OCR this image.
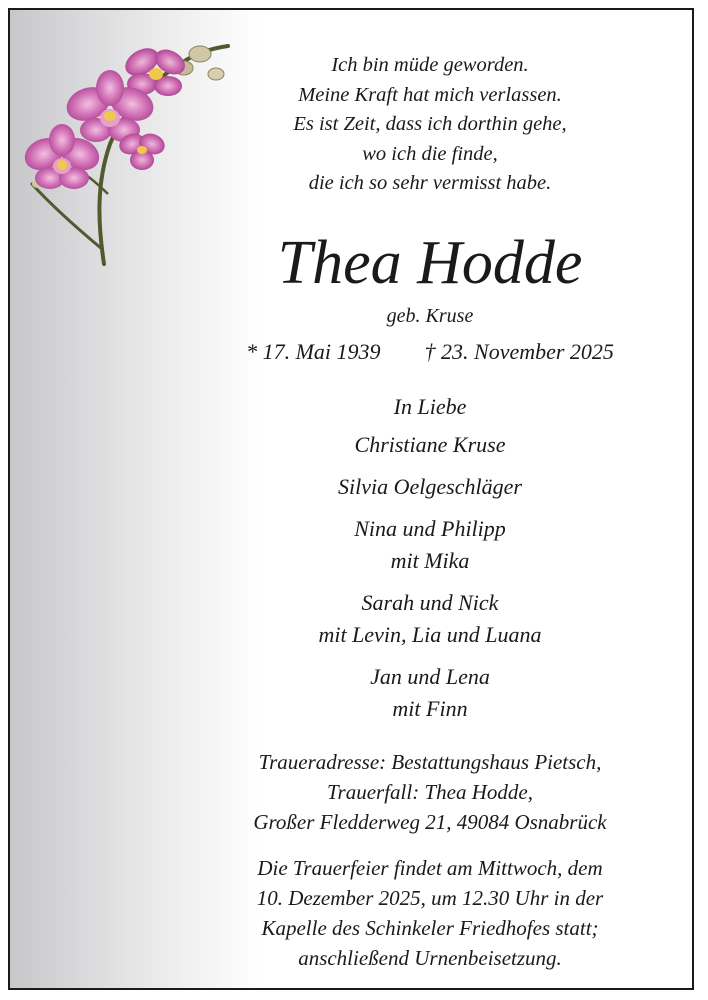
Ich bin müde geworden.
Meine Kraft hat mich verlassen.
Es ist Zeit, dass ich dorthin gehe,
wo ich die finde,
die ich so sehr vermisst habe.
Thea Hodde
geb. Kruse
* 17. Mai 1939 † 23. November 2025
In Liebe
Christiane Kruse
Silvia Oelgeschläger
Nina und Philipp
mit Mika
Sarah und Nick
mit Levin, Lia und Luana
Jan und Lena
mit Finn
Traueradresse: Bestattungshaus Pietsch,
Trauerfall: Thea Hodde,
Großer Fledderweg 21, 49084 Osnabrück
Die Trauerfeier findet am Mittwoch, dem
10. Dezember 2025, um 12.30 Uhr in der
Kapelle des Schinkeler Friedhofes statt;
anschließend Urnenbeisetzung.
